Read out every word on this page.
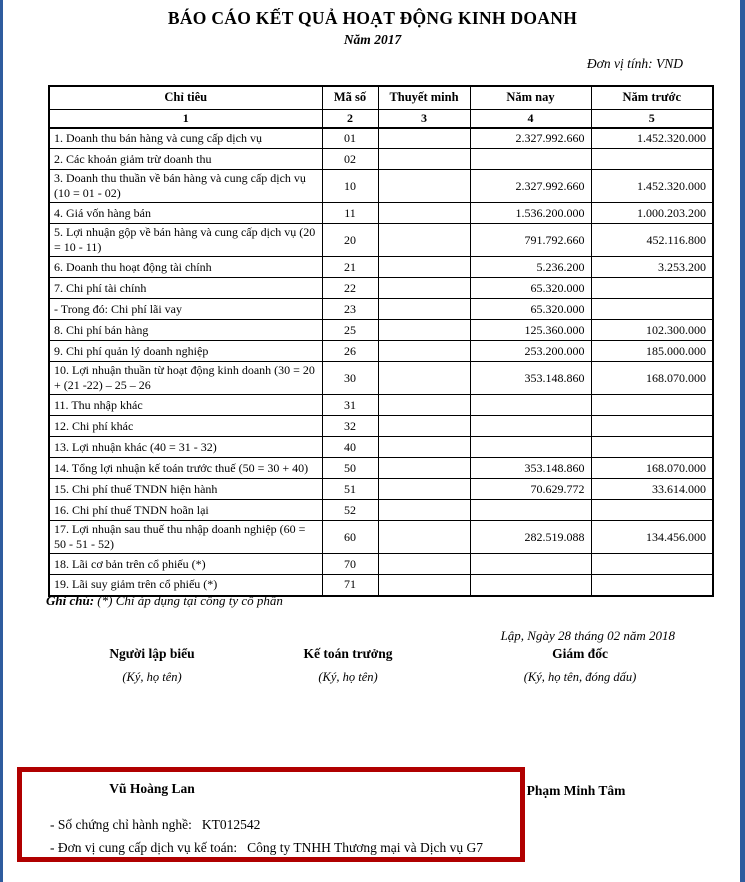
BÁO CÁO KẾT QUẢ HOẠT ĐỘNG KINH DOANH
Năm 2017
Đơn vị tính: VND
Chỉ tiêu	Mã số	Thuyết minh	Năm nay	Năm trước
1	2	3	4	5
1. Doanh thu bán hàng và cung cấp dịch vụ	01		2.327.992.660	1.452.320.000
2. Các khoản giảm trừ doanh thu	02			
3. Doanh thu thuần về bán hàng và cung cấp dịch vụ (10 = 01 - 02)	10		2.327.992.660	1.452.320.000
4. Giá vốn hàng bán	11		1.536.200.000	1.000.203.200
5. Lợi nhuận gộp về bán hàng và cung cấp dịch vụ (20 = 10 - 11)	20		791.792.660	452.116.800
6. Doanh thu hoạt động tài chính	21		5.236.200	3.253.200
7. Chi phí tài chính	22		65.320.000	
- Trong đó: Chi phí lãi vay	23		65.320.000	
8. Chi phí bán hàng	25		125.360.000	102.300.000
9. Chi phí quản lý doanh nghiệp	26		253.200.000	185.000.000
10. Lợi nhuận thuần từ hoạt động kinh doanh (30 = 20 + (21 -22) – 25 – 26	30		353.148.860	168.070.000
11. Thu nhập khác	31			
12. Chi phí khác	32			
13. Lợi nhuận khác (40 = 31 - 32)	40			
14. Tổng lợi nhuận kế toán trước thuế (50 = 30 + 40)	50		353.148.860	168.070.000
15. Chi phí thuế TNDN hiện hành	51		70.629.772	33.614.000
16. Chi phí thuế TNDN hoãn lại	52			
17. Lợi nhuận sau thuế thu nhập doanh nghiệp (60 = 50 - 51 - 52)	60		282.519.088	134.456.000
18. Lãi cơ bản trên cổ phiếu (*)	70			
19. Lãi suy giảm trên cổ phiếu (*)	71			
Ghi chú: (*) Chỉ áp dụng tại công ty cổ phần
Lập, Ngày 28 tháng 02 năm 2018
Người lập biểu
(Ký, họ tên)
Kế toán trưởng
(Ký, họ tên)
Giám đốc
(Ký, họ tên, đóng dấu)
Vũ Hoàng Lan	Phạm Minh Tâm
- Số chứng chỉ hành nghề: KT012542
- Đơn vị cung cấp dịch vụ kế toán: Công ty TNHH Thương mại và Dịch vụ G7
